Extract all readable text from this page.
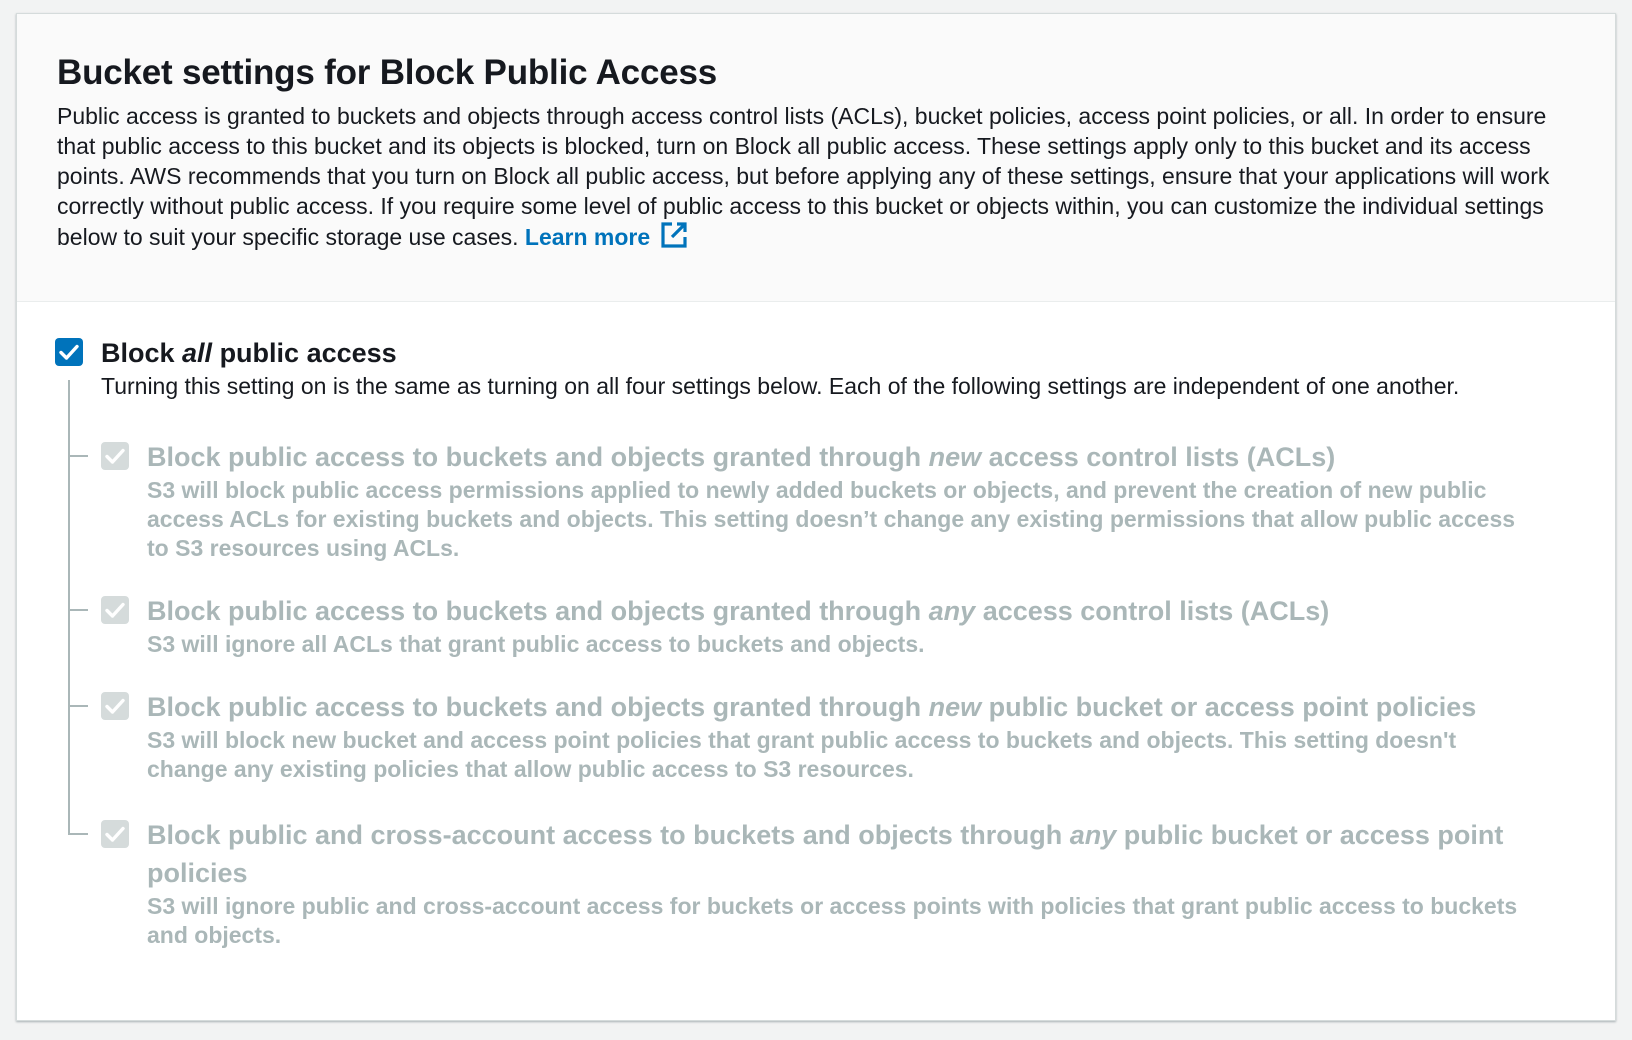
Bucket settings for Block Public Access
Public access is granted to buckets and objects through access control lists (ACLs), bucket policies, access point policies, or all. In order to ensure that public access to this bucket and its objects is blocked, turn on Block all public access. These settings apply only to this bucket and its access points. AWS recommends that you turn on Block all public access, but before applying any of these settings, ensure that your applications will work correctly without public access. If you require some level of public access to this bucket or objects within, you can customize the individual settings below to suit your specific storage use cases. Learn more
Block all public access
Turning this setting on is the same as turning on all four settings below. Each of the following settings are independent of one another.
Block public access to buckets and objects granted through new access control lists (ACLs)
S3 will block public access permissions applied to newly added buckets or objects, and prevent the creation of new public access ACLs for existing buckets and objects. This setting doesn’t change any existing permissions that allow public access to S3 resources using ACLs.
Block public access to buckets and objects granted through any access control lists (ACLs)
S3 will ignore all ACLs that grant public access to buckets and objects.
Block public access to buckets and objects granted through new public bucket or access point policies
S3 will block new bucket and access point policies that grant public access to buckets and objects. This setting doesn't change any existing policies that allow public access to S3 resources.
Block public and cross-account access to buckets and objects through any public bucket or access point policies
S3 will ignore public and cross-account access for buckets or access points with policies that grant public access to buckets and objects.
